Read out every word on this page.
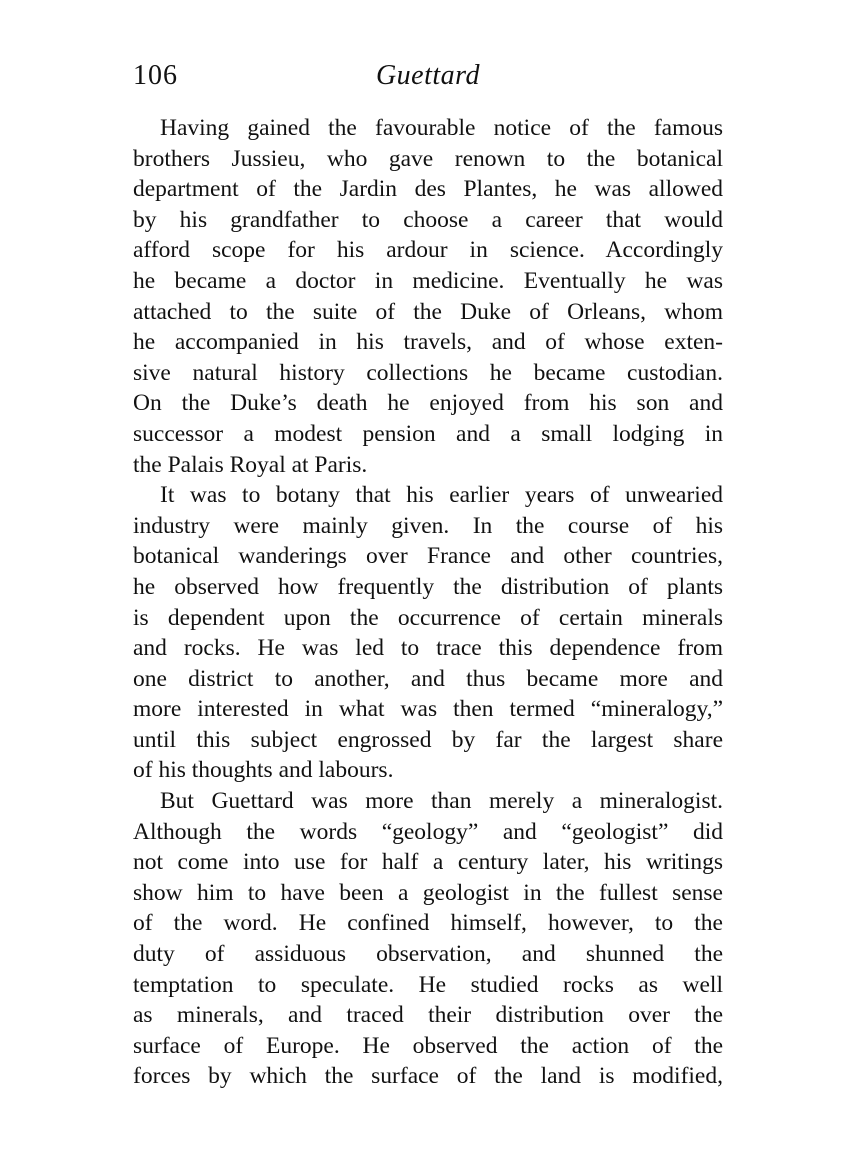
106	Guettard
Having gained the favourable notice of the famous
brothers Jussieu, who gave renown to the botanical
department of the Jardin des Plantes, he was allowed
by his grandfather to choose a career that would
afford scope for his ardour in science. Accordingly
he became a doctor in medicine. Eventually he was
attached to the suite of the Duke of Orleans, whom
he accompanied in his travels, and of whose exten-
sive natural history collections he became custodian.
On the Duke’s death he enjoyed from his son and
successor a modest pension and a small lodging in
the Palais Royal at Paris.
It was to botany that his earlier years of unwearied
industry were mainly given. In the course of his
botanical wanderings over France and other countries,
he observed how frequently the distribution of plants
is dependent upon the occurrence of certain minerals
and rocks. He was led to trace this dependence from
one district to another, and thus became more and
more interested in what was then termed “mineralogy,”
until this subject engrossed by far the largest share
of his thoughts and labours.
But Guettard was more than merely a mineralogist.
Although the words “geology” and “geologist” did
not come into use for half a century later, his writings
show him to have been a geologist in the fullest sense
of the word. He confined himself, however, to the
duty of assiduous observation, and shunned the
temptation to speculate. He studied rocks as well
as minerals, and traced their distribution over the
surface of Europe. He observed the action of the
forces by which the surface of the land is modified,
